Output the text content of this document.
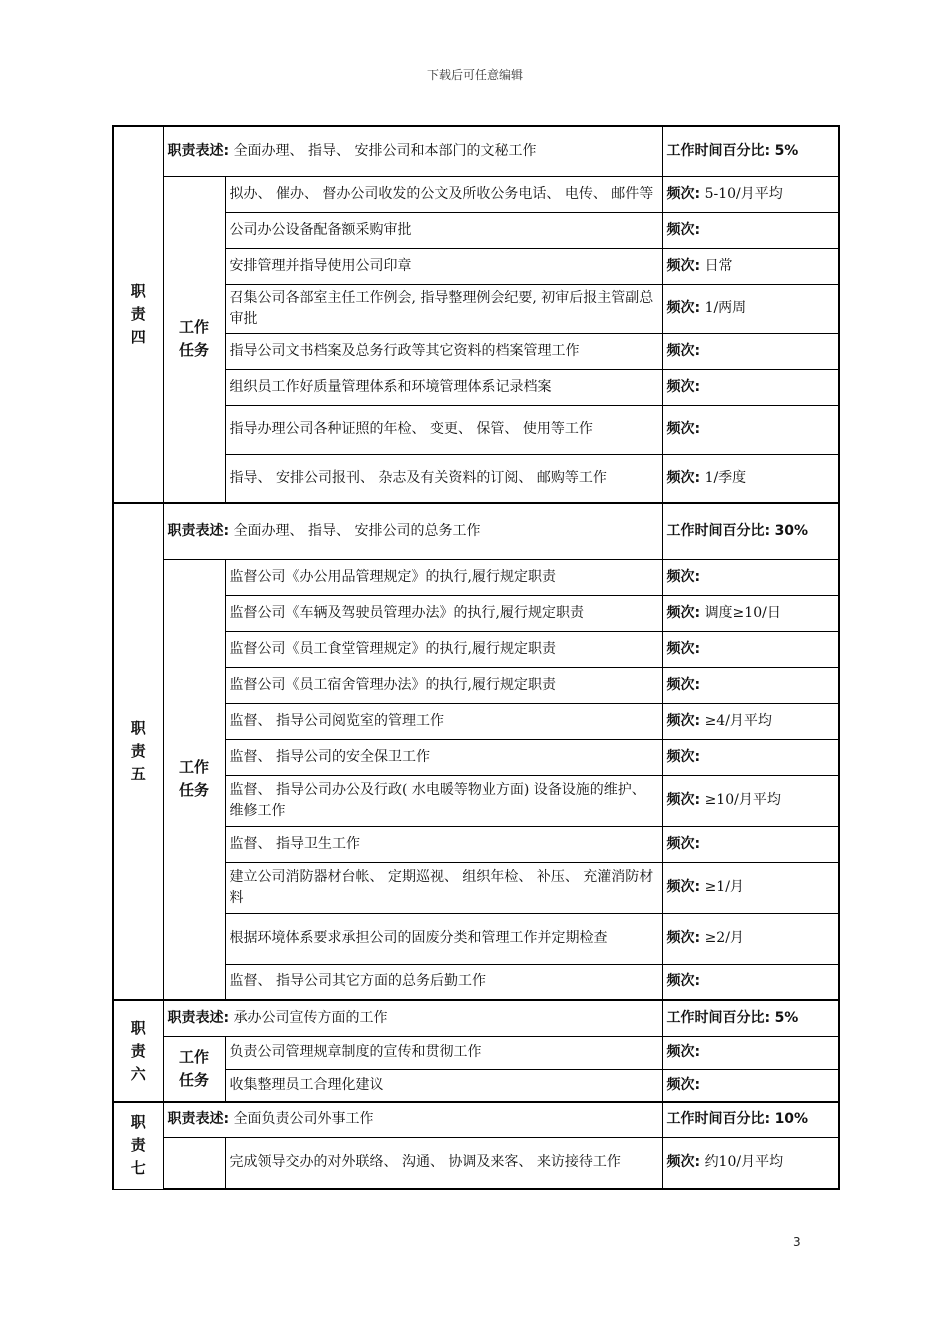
下载后可任意编辑
职责四	职责表述: 全面办理、 指导、 安排公司和本部门的文秘工作		工作时间百分比: 5%
	工作任务	拟办、 催办、 督办公司收发的公文及所收公务电话、 电传、 邮件等	频次: 5-10/月平均
		公司办公设备配备额采购审批	频次:
		安排管理并指导使用公司印章	频次: 日常
		召集公司各部室主任工作例会, 指导整理例会纪要, 初审后报主管副总审批	频次: 1/两周
		指导公司文书档案及总务行政等其它资料的档案管理工作	频次:
		组织员工作好质量管理体系和环境管理体系记录档案	频次:
		指导办理公司各种证照的年检、 变更、 保管、 使用等工作	频次:
		指导、 安排公司报刊、 杂志及有关资料的订阅、 邮购等工作	频次: 1/季度
职责五	职责表述: 全面办理、 指导、 安排公司的总务工作		工作时间百分比: 30%
	工作任务	监督公司《办公用品管理规定》的执行,履行规定职责	频次:
		监督公司《车辆及驾驶员管理办法》的执行,履行规定职责	频次: 调度≥10/日
		监督公司《员工食堂管理规定》的执行,履行规定职责	频次:
		监督公司《员工宿舍管理办法》的执行,履行规定职责	频次:
		监督、 指导公司阅览室的管理工作	频次: ≥4/月平均
		监督、 指导公司的安全保卫工作	频次:
		监督、 指导公司办公及行政( 水电暖等物业方面) 设备设施的维护、 维修工作	频次: ≥10/月平均
		监督、 指导卫生工作	频次:
		建立公司消防器材台帐、 定期巡视、 组织年检、 补压、 充灌消防材料	频次: ≥1/月
		根据环境体系要求承担公司的固废分类和管理工作并定期检查	频次: ≥2/月
		监督、 指导公司其它方面的总务后勤工作	频次:
职责六	职责表述: 承办公司宣传方面的工作		工作时间百分比: 5%
	工作任务	负责公司管理规章制度的宣传和贯彻工作	频次:
		收集整理员工合理化建议	频次:
职责七	职责表述: 全面负责公司外事工作		工作时间百分比: 10%
		完成领导交办的对外联络、 沟通、 协调及来客、 来访接待工作	频次: 约10/月平均
3
